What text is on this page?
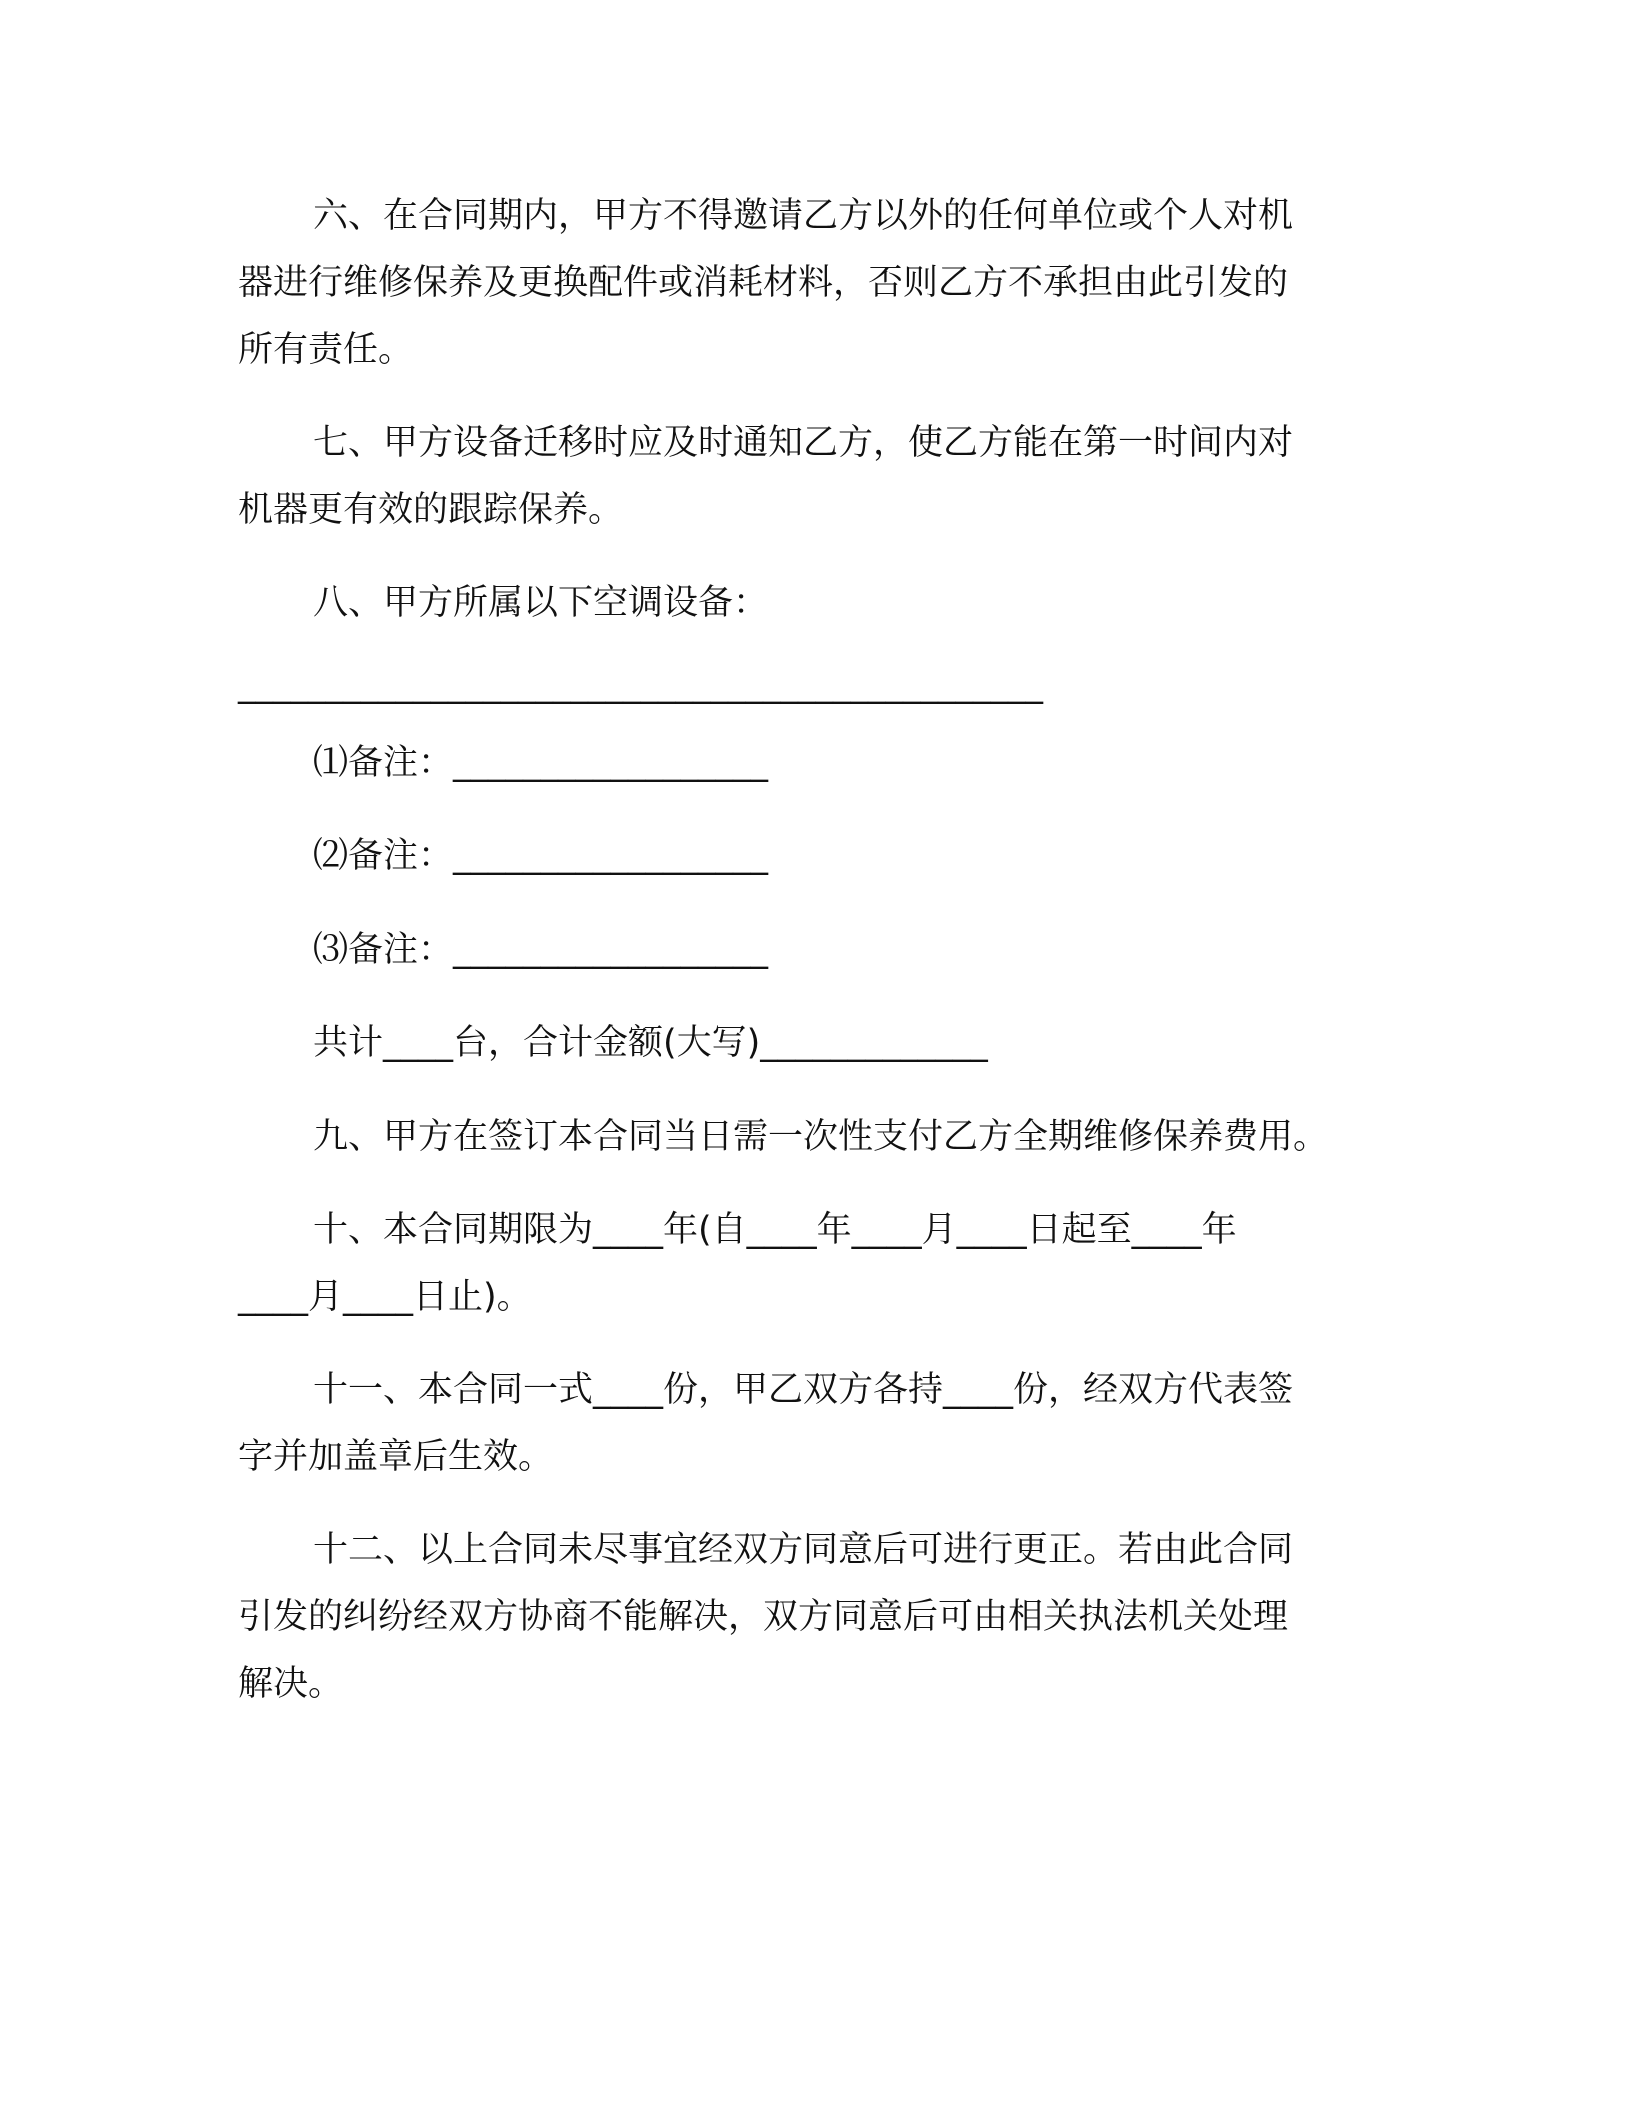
六、在合同期内，甲方不得邀请乙方以外的任何单位或个人对机
器进行维修保养及更换配件或消耗材料，否则乙方不承担由此引发的
所有责任。
七、甲方设备迁移时应及时通知乙方，使乙方能在第一时间内对
机器更有效的跟踪保养。
八、甲方所属以下空调设备：
______________________________________________
⑴备注：__________________
⑵备注：__________________
⑶备注：__________________
共计____台，合计金额(大写)_____________
九、甲方在签订本合同当日需一次性支付乙方全期维修保养费用。
十、本合同期限为____年(自____年____月____日起至____年
____月____日止)。
十一、本合同一式____份，甲乙双方各持____份，经双方代表签
字并加盖章后生效。
十二、以上合同未尽事宜经双方同意后可进行更正。若由此合同
引发的纠纷经双方协商不能解决，双方同意后可由相关执法机关处理
解决。
